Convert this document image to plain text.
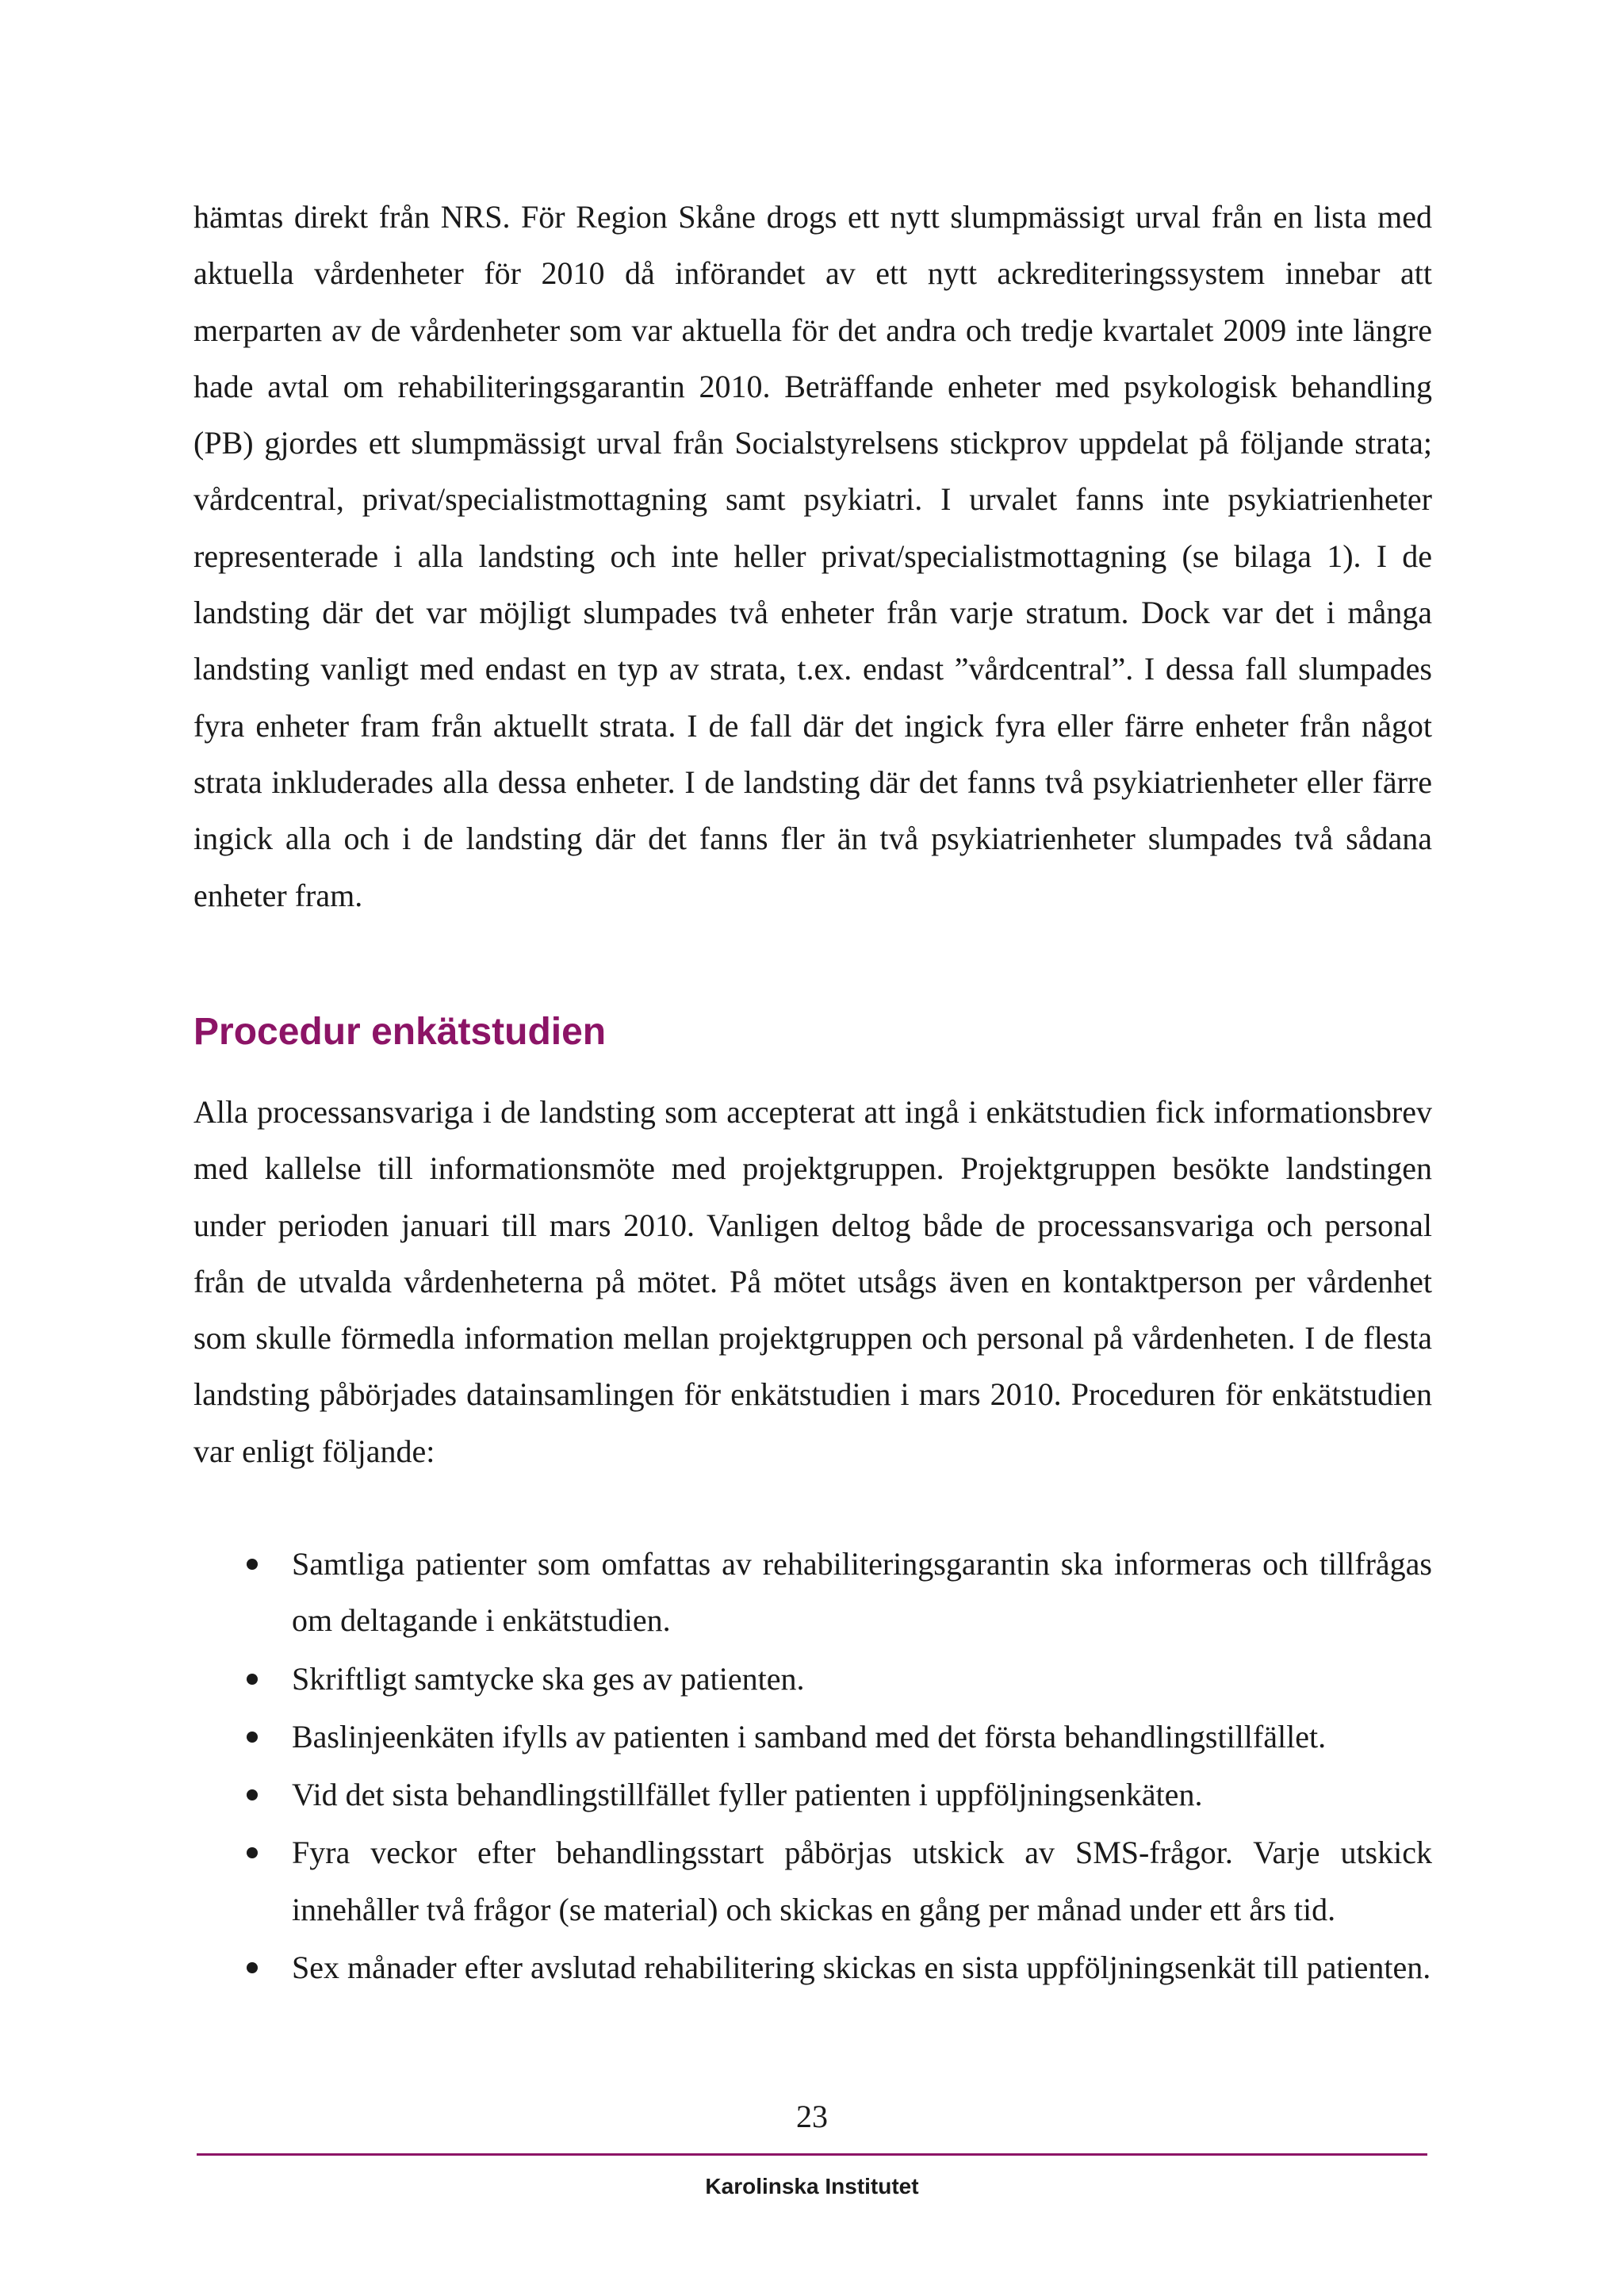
hämtas direkt från NRS. För Region Skåne drogs ett nytt slumpmässigt urval från en lista med aktuella vårdenheter för 2010 då införandet av ett nytt ackrediteringssystem innebar att merparten av de vårdenheter som var aktuella för det andra och tredje kvartalet 2009 inte längre hade avtal om rehabiliteringsgarantin 2010. Beträffande enheter med psykologisk behandling (PB) gjordes ett slumpmässigt urval från Socialstyrelsens stickprov uppdelat på följande strata; vårdcentral, privat/specialistmottagning samt psykiatri. I urvalet fanns inte psykiatrienheter representerade i alla landsting och inte heller privat/specialistmottagning (se bilaga 1). I de landsting där det var möjligt slumpades två enheter från varje stratum. Dock var det i många landsting vanligt med endast en typ av strata, t.ex. endast ”vårdcentral”. I dessa fall slumpades fyra enheter fram från aktuellt strata. I de fall där det ingick fyra eller färre enheter från något strata inkluderades alla dessa enheter. I de landsting där det fanns två psykiatrienheter eller färre ingick alla och i de landsting där det fanns fler än två psykiatrienheter slumpades två sådana enheter fram.

Procedur enkätstudien

Alla processansvariga i de landsting som accepterat att ingå i enkätstudien fick informationsbrev med kallelse till informationsmöte med projektgruppen. Projektgruppen besökte landstingen under perioden januari till mars 2010. Vanligen deltog både de processansvariga och personal från de utvalda vårdenheterna på mötet. På mötet utsågs även en kontaktperson per vårdenhet som skulle förmedla information mellan projektgruppen och personal på vårdenheten. I de flesta landsting påbörjades datainsamlingen för enkätstudien i mars 2010. Proceduren för enkätstudien var enligt följande:

Samtliga patienter som omfattas av rehabiliteringsgarantin ska informeras och tillfrågas om deltagande i enkätstudien.
Skriftligt samtycke ska ges av patienten.
Baslinjeenkäten ifylls av patienten i samband med det första behandlingstillfället.
Vid det sista behandlingstillfället fyller patienten i uppföljningsenkäten.
Fyra veckor efter behandlingsstart påbörjas utskick av SMS-frågor. Varje utskick innehåller två frågor (se material) och skickas en gång per månad under ett års tid.
Sex månader efter avslutad rehabilitering skickas en sista uppföljningsenkät till patienten.
23
Karolinska Institutet
